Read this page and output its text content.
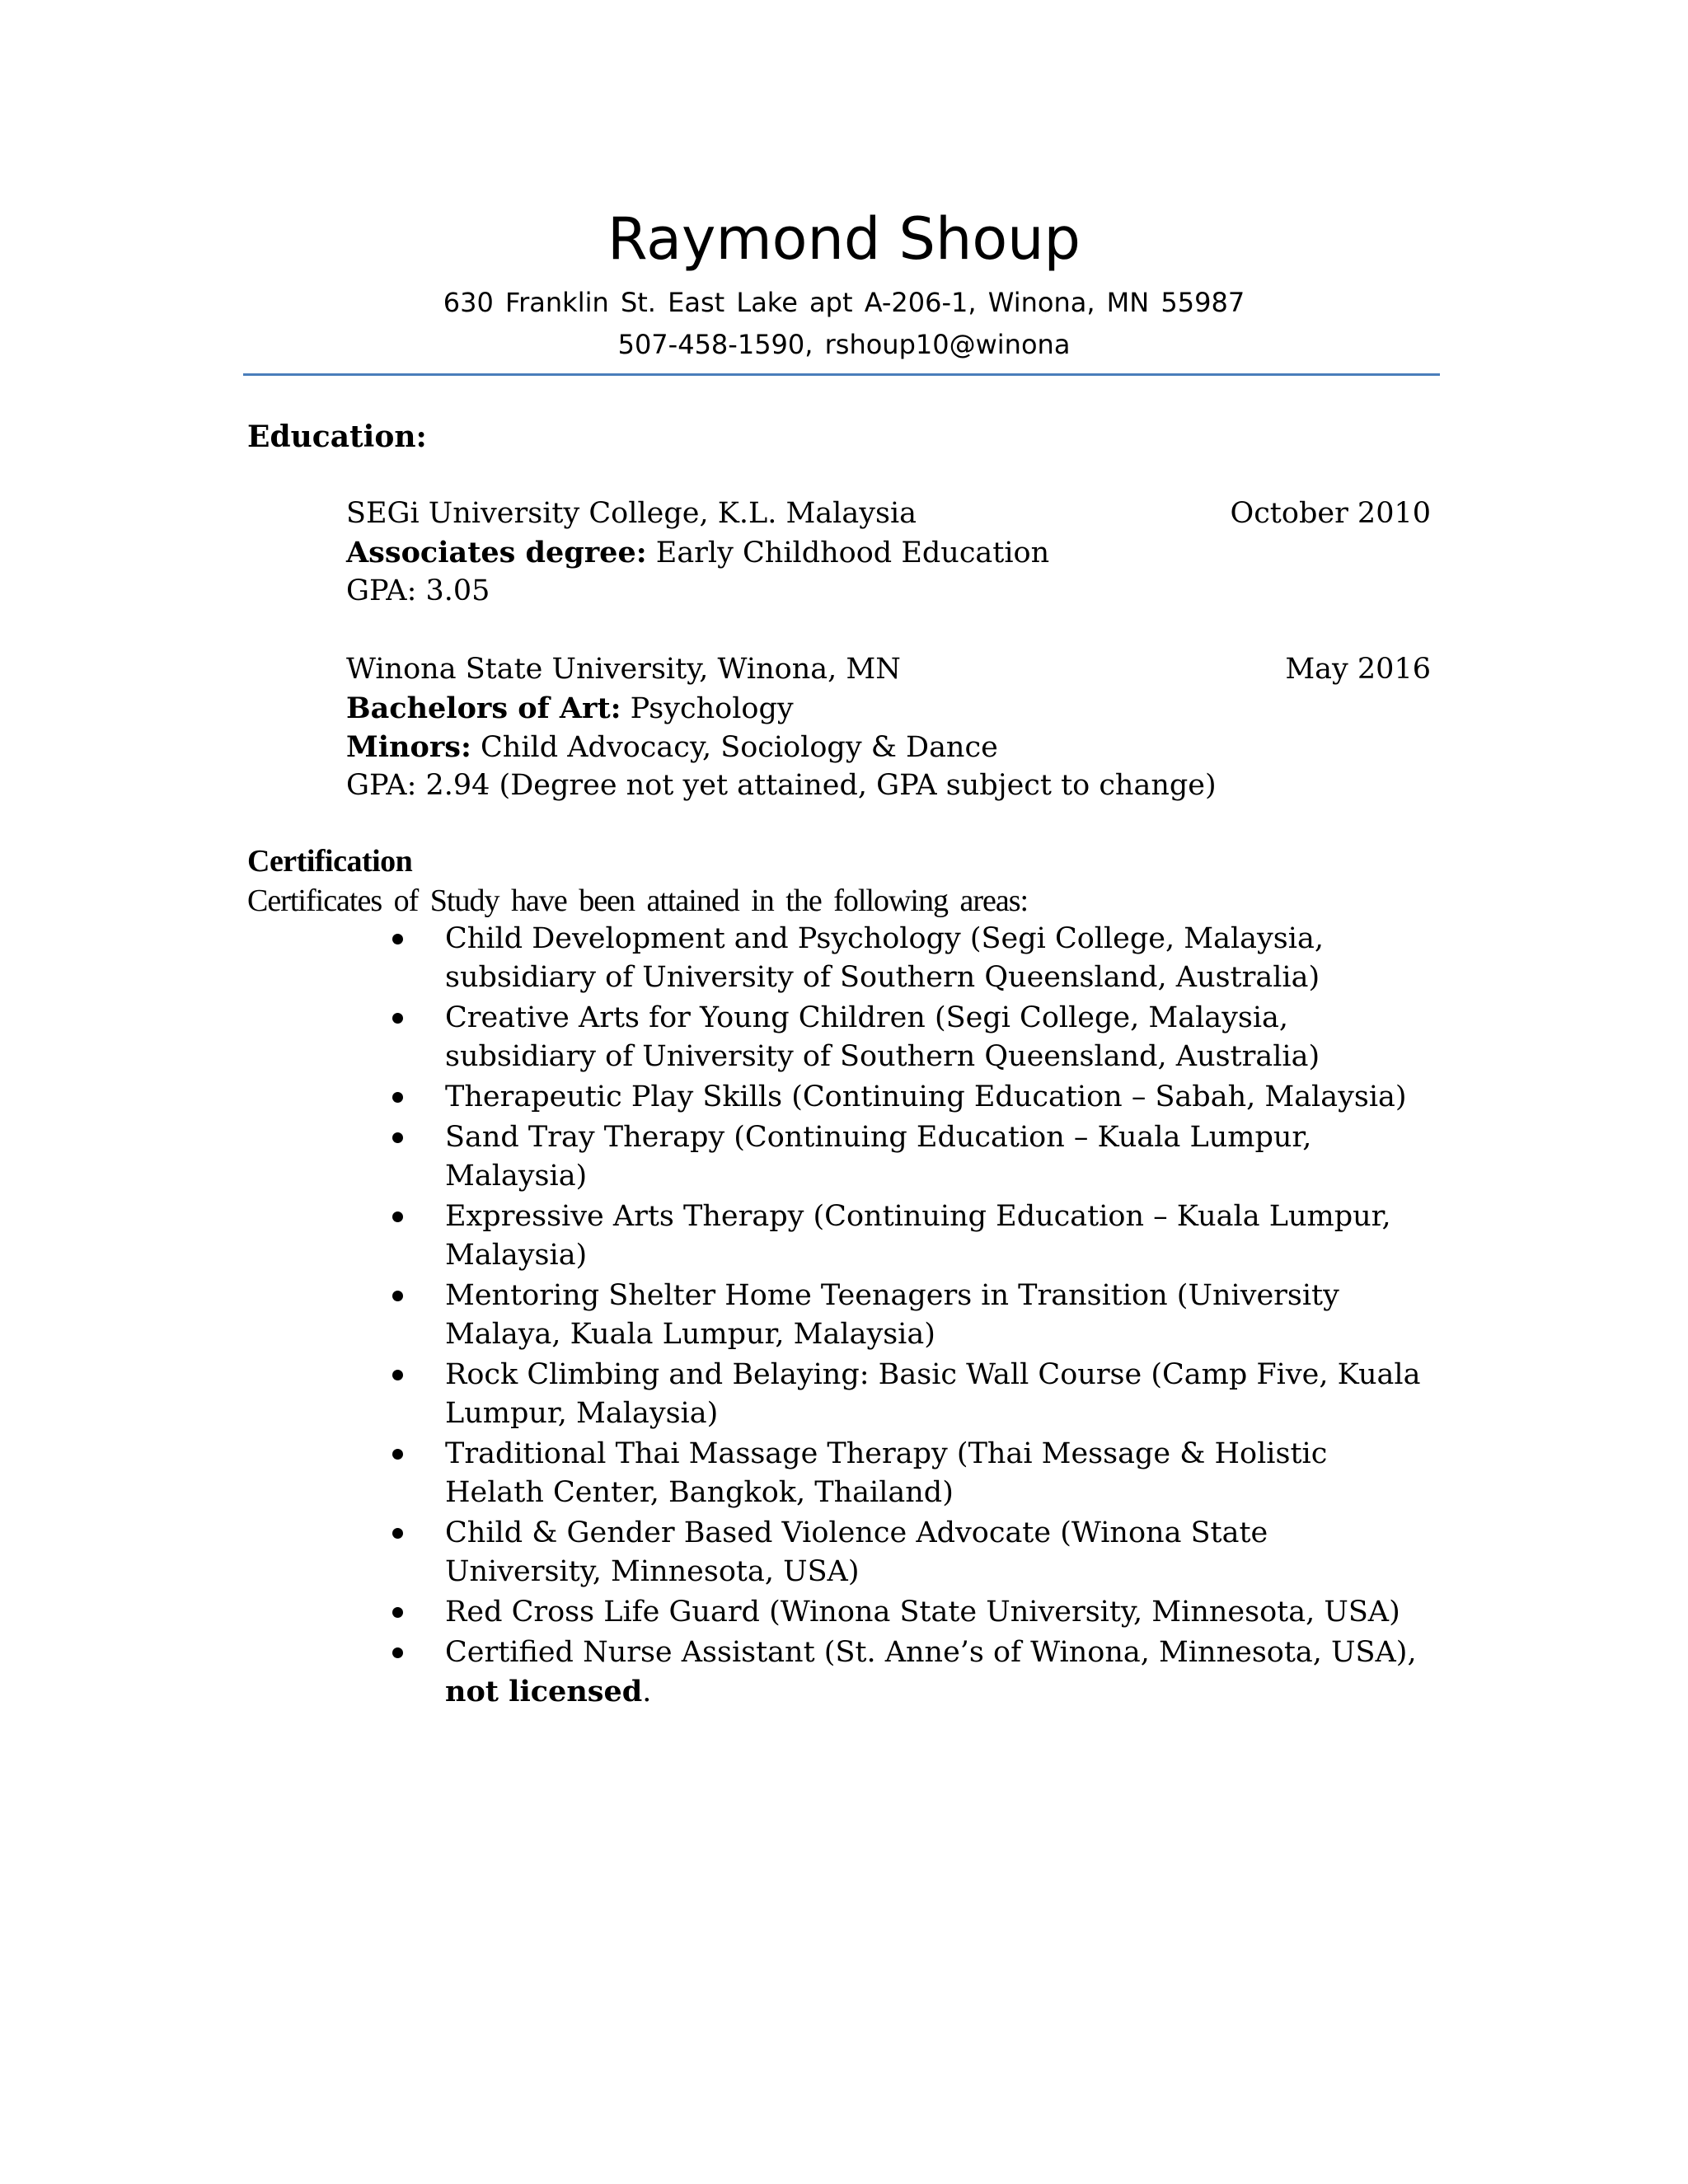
Raymond Shoup
630 Franklin St. East Lake apt A-206-1, Winona, MN 55987
507-458-1590, rshoup10@winona
Education:
SEGi University College, K.L. Malaysia	October 2010
Associates degree: Early Childhood Education
GPA: 3.05
Winona State University, Winona, MN	May 2016
Bachelors of Art: Psychology
Minors: Child Advocacy, Sociology & Dance
GPA: 2.94 (Degree not yet attained, GPA subject to change)
Certification
Certificates of Study have been attained in the following areas:
Child Development and Psychology (Segi College, Malaysia, subsidiary of University of Southern Queensland, Australia)
Creative Arts for Young Children (Segi College, Malaysia, subsidiary of University of Southern Queensland, Australia)
Therapeutic Play Skills (Continuing Education – Sabah, Malaysia)
Sand Tray Therapy (Continuing Education – Kuala Lumpur, Malaysia)
Expressive Arts Therapy (Continuing Education – Kuala Lumpur, Malaysia)
Mentoring Shelter Home Teenagers in Transition (University Malaya, Kuala Lumpur, Malaysia)
Rock Climbing and Belaying: Basic Wall Course (Camp Five, Kuala Lumpur, Malaysia)
Traditional Thai Massage Therapy (Thai Message & Holistic Helath Center, Bangkok, Thailand)
Child & Gender Based Violence Advocate (Winona State University, Minnesota, USA)
Red Cross Life Guard (Winona State University, Minnesota, USA)
Certified Nurse Assistant (St. Anne’s of Winona, Minnesota, USA), not licensed.
